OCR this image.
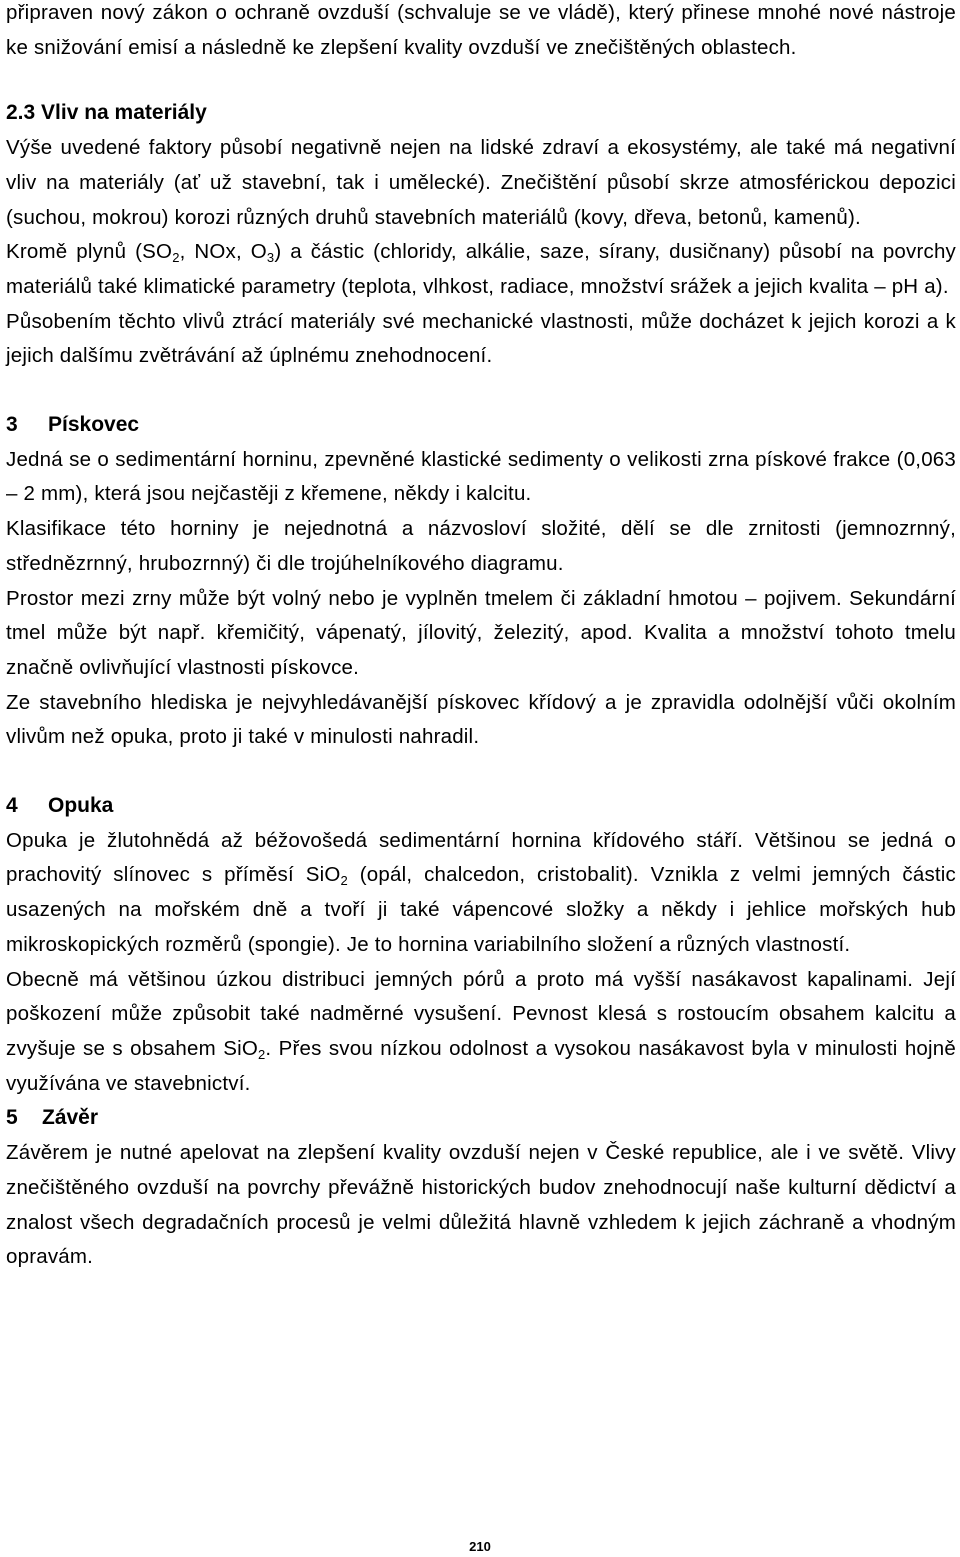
připraven nový zákon o ochraně ovzduší (schvaluje se ve vládě), který přinese mnohé nové nástroje ke snižování emisí a následně ke zlepšení kvality ovzduší ve znečištěných oblastech.

2.3 Vliv na materiály

Výše uvedené faktory působí negativně nejen na lidské zdraví a ekosystémy, ale také má negativní vliv na materiály (ať už stavební, tak i umělecké). Znečištění působí skrze atmosférickou depozici (suchou, mokrou) korozi různých druhů stavebních materiálů (kovy, dřeva, betonů, kamenů).

Kromě plynů ($SO_2$, NOx, $O_3$) a částic (chloridy, alkálie, saze, sírany, dusičnany) působí na povrchy materiálů také klimatické parametry (teplota, vlhkost, radiace, množství srážek a jejich kvalita – pH a).

Působením těchto vlivů ztrácí materiály své mechanické vlastnosti, může docházet k jejich korozi a k jejich dalšímu zvětrávání až úplnému znehodnocení.

3 Pískovec

Jedná se o sedimentární horninu, zpevněné klastické sedimenty o velikosti zrna pískové frakce (0,063 – 2 mm), která jsou nejčastěji z křemene, někdy i kalcitu.

Klasifikace této horniny je nejednotná a názvosloví složité, dělí se dle zrnitosti (jemnozrnný, střednězrnný, hrubozrnný) či dle trojúhelníkového diagramu.

Prostor mezi zrny může být volný nebo je vyplněn tmelem či základní hmotou – pojivem. Sekundární tmel může být např. křemičitý, vápenatý, jílovitý, železitý, apod. Kvalita a množství tohoto tmelu značně ovlivňující vlastnosti pískovce.

Ze stavebního hlediska je nejvyhledávanější pískovec křídový a je zpravidla odolnější vůči okolním vlivům než opuka, proto ji také v minulosti nahradil.

4 Opuka

Opuka je žlutohnědá až béžovošedá sedimentární hornina křídového stáří. Většinou se jedná o prachovitý slínovec s příměsí SiO$_2$ (opál, chalcedon, cristobalit). Vznikla z velmi jemných částic usazených na mořském dně a tvoří ji také vápencové složky a někdy i jehlice mořských hub mikroskopických rozměrů (spongie). Je to hornina variabilního složení a různých vlastností.

Obecně má většinou úzkou distribuci jemných pórů a proto má vyšší nasákavost kapalinami. Její poškození může způsobit také nadměrné vysušení. Pevnost klesá s rostoucím obsahem kalcitu a zvyšuje se s obsahem SiO$_2$. Přes svou nízkou odolnost a vysokou nasákavost byla v minulosti hojně využívána ve stavebnictví.

5 Závěr

Závěrem je nutné apelovat na zlepšení kvality ovzduší nejen v České republice, ale i ve světě. Vlivy znečištěného ovzduší na povrchy převážně historických budov znehodnocují naše kulturní dědictví a znalost všech degradačních procesů je velmi důležitá hlavně vzhledem k jejich záchraně a vhodným opravám.

210
